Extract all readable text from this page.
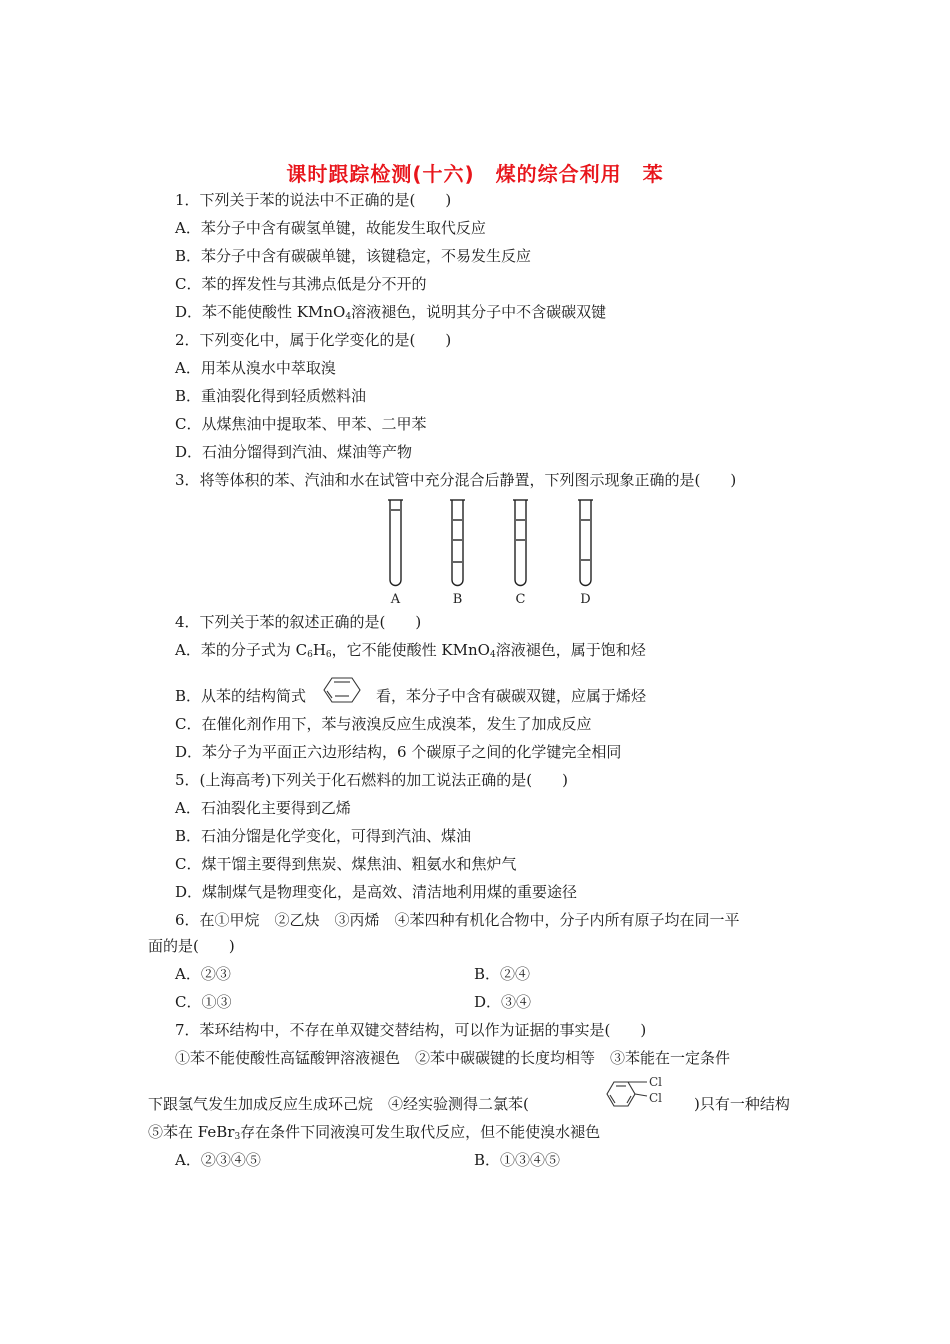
课时跟踪检测(十六)　煤的综合利用　苯
1．下列关于苯的说法中不正确的是(　　)
A．苯分子中含有碳氢单键，故能发生取代反应
B．苯分子中含有碳碳单键，该键稳定，不易发生反应
C．苯的挥发性与其沸点低是分不开的
D．苯不能使酸性 KMnO$_4$溶液褪色，说明其分子中不含碳碳双键
2．下列变化中，属于化学变化的是(　　)
A．用苯从溴水中萃取溴
B．重油裂化得到轻质燃料油
C．从煤焦油中提取苯、甲苯、二甲苯
D．石油分馏得到汽油、煤油等产物
3．将等体积的苯、汽油和水在试管中充分混合后静置，下列图示现象正确的是(　　)
A	B	C	D
4．下列关于苯的叙述正确的是(　　)
A．苯的分子式为 $C_6H_6$，它不能使酸性 KMnO$_4$溶液褪色，属于饱和烃
B．从苯的结构简式	看，苯分子中含有碳碳双键，应属于烯烃
C．在催化剂作用下，苯与液溴反应生成溴苯，发生了加成反应
D．苯分子为平面正六边形结构，6 个碳原子之间的化学键完全相同
5．(上海高考)下列关于化石燃料的加工说法正确的是(　　)
A．石油裂化主要得到乙烯
B．石油分馏是化学变化，可得到汽油、煤油
C．煤干馏主要得到焦炭、煤焦油、粗氨水和焦炉气
D．煤制煤气是物理变化，是高效、清洁地利用煤的重要途径
6．在①甲烷　②乙炔　③丙烯　④苯四种有机化合物中，分子内所有原子均在同一平
面的是(　　)
A．②③	B．②④
C．①③	D．③④
7．苯环结构中，不存在单双键交替结构，可以作为证据的事实是(　　)
①苯不能使酸性高锰酸钾溶液褪色　②苯中碳碳键的长度均相等　③苯能在一定条件
下跟氢气发生加成反应生成环己烷　④经实验测得二氯苯(
Cl
Cl )只有一种结构
⑤苯在 FeBr$_3$存在条件下同液溴可发生取代反应，但不能使溴水褪色
A．②③④⑤	B．①③④⑤
